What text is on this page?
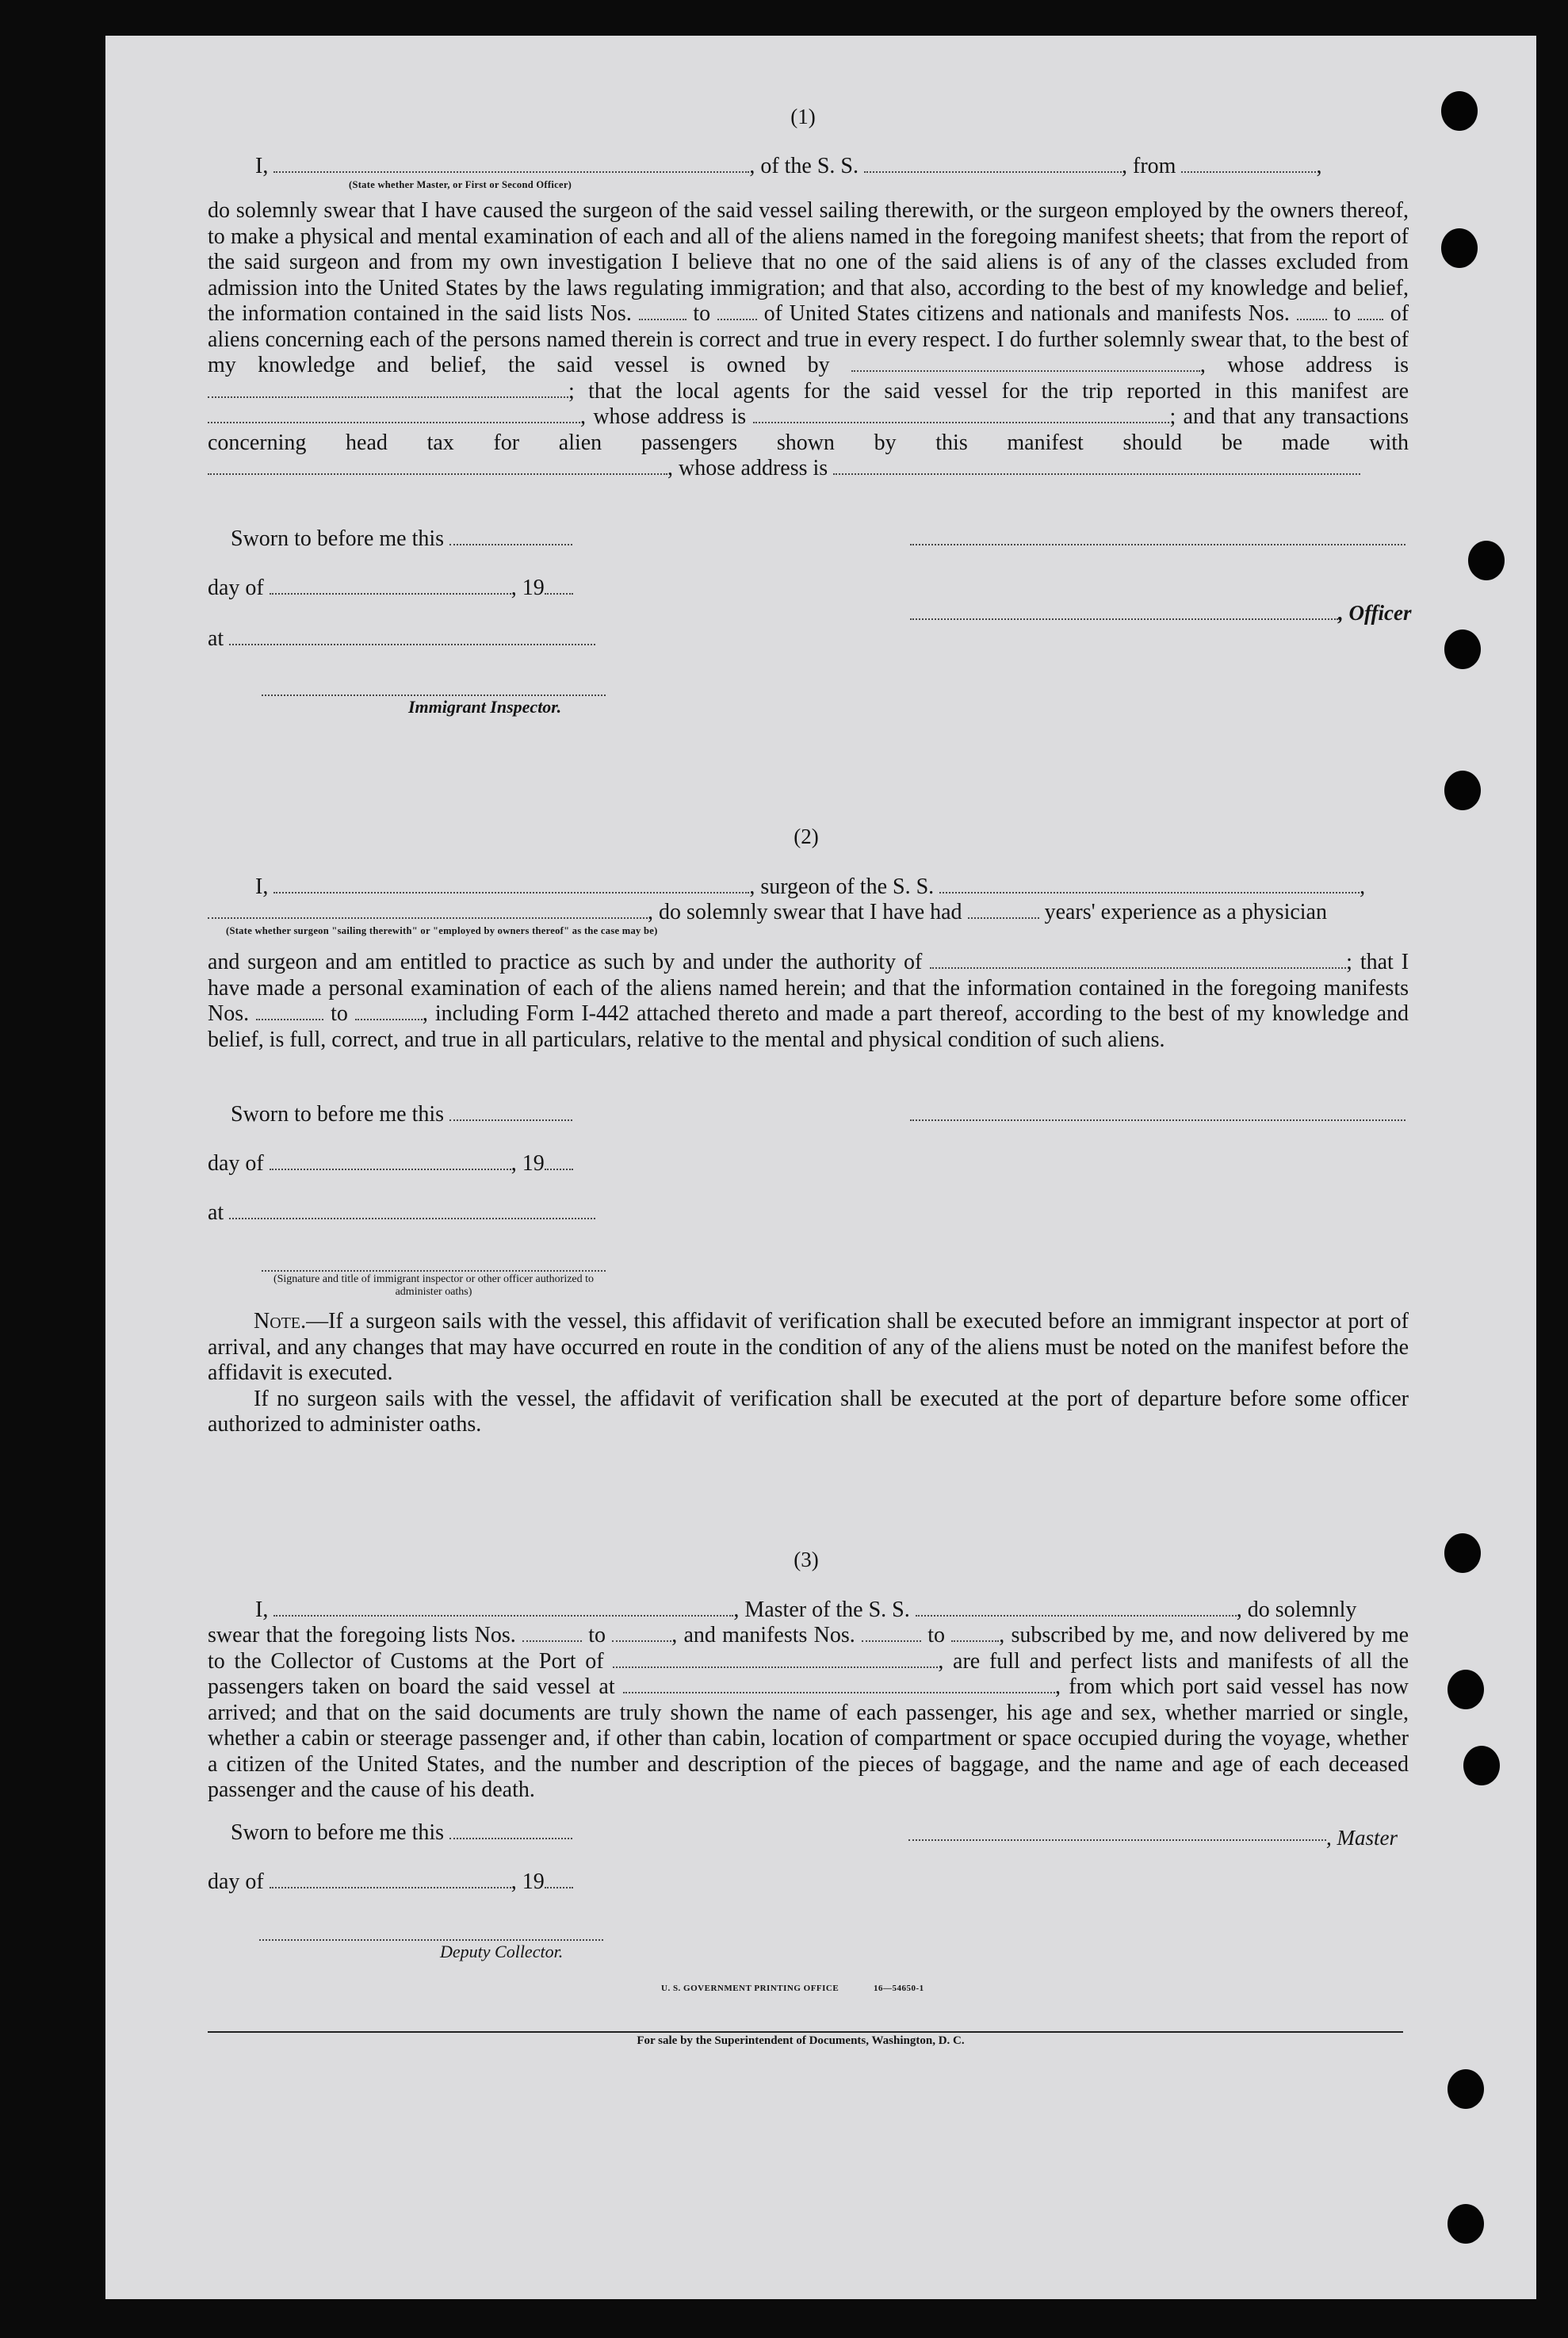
(1)
I,	, of the S. S.	, from	,
(State whether Master, or First or Second Officer)

do solemnly swear that I have caused the surgeon of the said vessel sailing therewith, or the surgeon employed by the owners thereof, to make a physical and mental examination of each and all of the aliens named in the foregoing manifest sheets; that from the report of the said surgeon and from my own investigation I believe that no one of the said aliens is of any of the classes excluded from admission into the United States by the laws regulating immigration; and that also, according to the best of my knowledge and belief, the information contained in the said lists Nos.	to of United States citizens and nationals and manifests Nos. to of aliens concerning each of the persons named therein is correct and true in every respect. I do further solemnly swear that, to the best of my knowledge and belief, the said vessel is owned by	, whose address is ; that the local agents for the said vessel for the trip reported in this manifest are , whose address is	; and that any transactions concerning head tax for alien passengers shown by this manifest should be made with , whose address is

Sworn to before me this
day of	, 19
, Officer
at
Immigrant Inspector.
(2)
I,	, surgeon of the S. S.	,
, do solemnly swear that I have had	years' experience as a physician
(State whether surgeon "sailing therewith" or "employed by owners thereof" as the case may be)

and surgeon and am entitled to practice as such by and under the authority of	; that I have made a personal examination of each of the aliens named herein; and that the information contained in the foregoing manifests Nos.	to	, including Form I-442 attached thereto and made a part thereof, according to the best of my knowledge and belief, is full, correct, and true in all particulars, relative to the mental and physical condition of such aliens.

Sworn to before me this
day of	, 19
at
(Signature and title of immigrant inspector or other officer authorized to administer oaths)

Note.—If a surgeon sails with the vessel, this affidavit of verification shall be executed before an immigrant inspector at port of arrival, and any changes that may have occurred en route in the condition of any of the aliens must be noted on the manifest before the affidavit is executed.

If no surgeon sails with the vessel, the affidavit of verification shall be executed at the port of departure before some officer authorized to administer oaths.

(3)
I,	, Master of the S. S.	, do solemnly

swear that the foregoing lists Nos.	to	, and manifests Nos.	to , subscribed by me, and now delivered by me to the Collector of Customs at the Port of	, are full and perfect lists and manifests of all the passengers taken on board the said vessel at	, from which port said vessel has now arrived; and that on the said documents are truly shown the name of each passenger, his age and sex, whether married or single, whether a cabin or steerage passenger and, if other than cabin, location of compartment or space occupied during the voyage, whether a citizen of the United States, and the number and description of the pieces of baggage, and the name and age of each deceased passenger and the cause of his death.

Sworn to before me this	, Master
day of	, 19
Deputy Collector.
U. S. GOVERNMENT PRINTING OFFICE	16—54650-1
For sale by the Superintendent of Documents, Washington, D. C.
